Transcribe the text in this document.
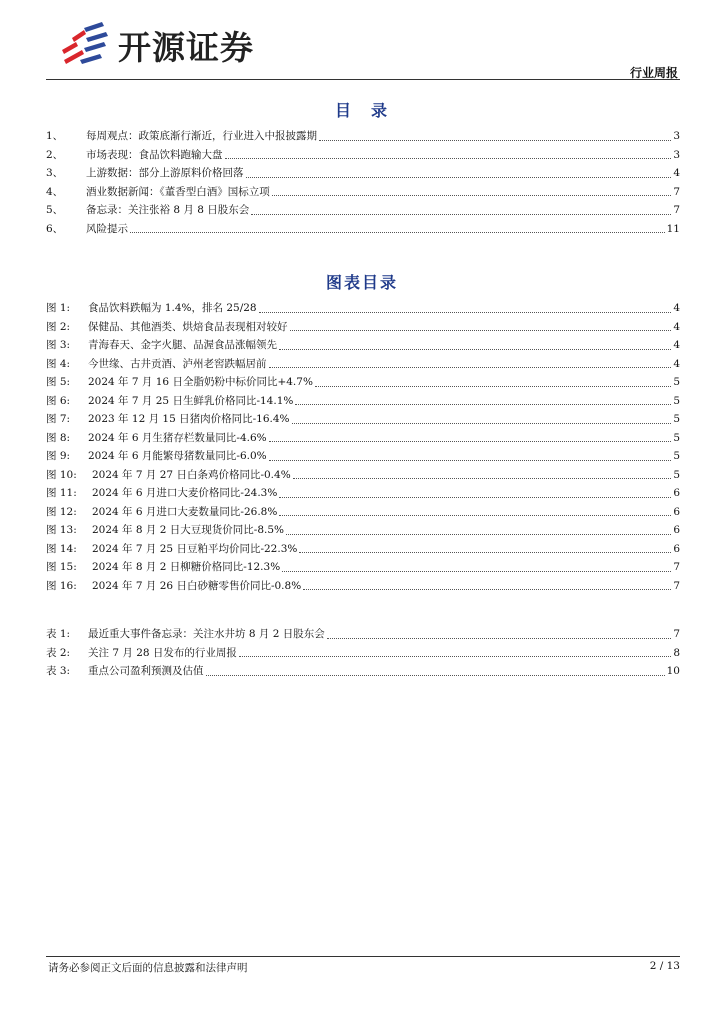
开源证券
行业周报
目　录
1、 每周观点：政策底渐行渐近，行业进入中报披露期	3
2、 市场表现：食品饮料跑输大盘	3
3、 上游数据：部分上游原料价格回落	4
4、 酒业数据新闻：《董香型白酒》国标立项	7
5、 备忘录：关注张裕 8 月 8 日股东会	7
6、 风险提示	11
图表目录
图 1: 食品饮料跌幅为 1.4%，排名 25/28	4
图 2: 保健品、其他酒类、烘焙食品表现相对较好	4
图 3: 青海春天、金字火腿、品渥食品涨幅领先	4
图 4: 今世缘、古井贡酒、泸州老窖跌幅居前	4
图 5: 2024 年 7 月 16 日全脂奶粉中标价同比+4.7%	5
图 6: 2024 年 7 月 25 日生鲜乳价格同比-14.1%	5
图 7: 2023 年 12 月 15 日猪肉价格同比-16.4%	5
图 8: 2024 年 6 月生猪存栏数量同比-4.6%	5
图 9: 2024 年 6 月能繁母猪数量同比-6.0%	5
图 10: 2024 年 7 月 27 日白条鸡价格同比-0.4%	5
图 11: 2024 年 6 月进口大麦价格同比-24.3%	6
图 12: 2024 年 6 月进口大麦数量同比-26.8%	6
图 13: 2024 年 8 月 2 日大豆现货价同比-8.5%	6
图 14: 2024 年 7 月 25 日豆粕平均价同比-22.3%	6
图 15: 2024 年 8 月 2 日柳糖价格同比-12.3%	7
图 16: 2024 年 7 月 26 日白砂糖零售价同比-0.8%	7
表 1: 最近重大事件备忘录：关注水井坊 8 月 2 日股东会	7
表 2: 关注 7 月 28 日发布的行业周报	8
表 3: 重点公司盈利预测及估值	10
请务必参阅正文后面的信息披露和法律声明	2 / 13
